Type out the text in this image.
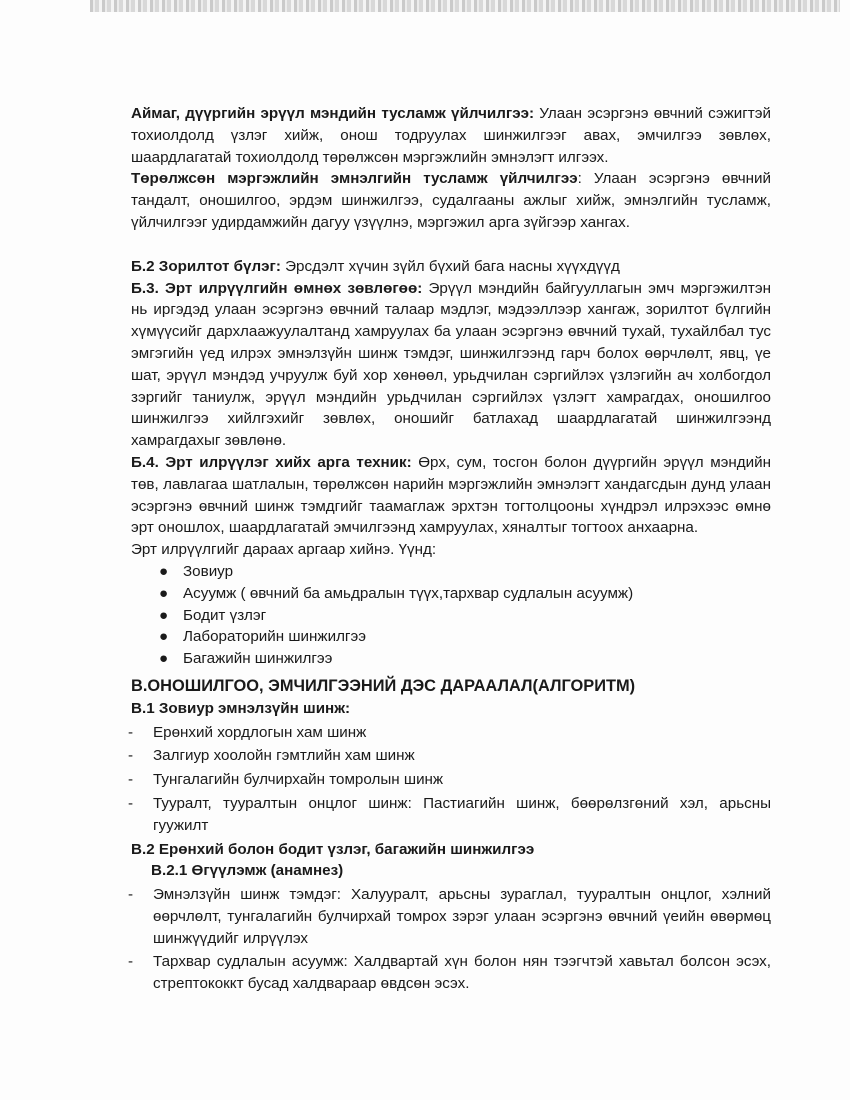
Аймаг, дүүргийн эрүүл мэндийн тусламж үйлчилгээ: Улаан эсэргэнэ өвчний сэжигтэй тохиолдолд үзлэг хийж, онош тодруулах шинжилгээг авах, эмчилгээ зөвлөх, шаардлагатай тохиолдолд төрөлжсөн мэргэжлийн эмнэлэгт илгээх.

Төрөлжсөн мэргэжлийн эмнэлгийн тусламж үйлчилгээ: Улаан эсэргэнэ өвчний тандалт, оношилгоо, эрдэм шинжилгээ, судалгааны ажлыг хийж, эмнэлгийн тусламж, үйлчилгээг удирдамжийн дагуу үзүүлнэ, мэргэжил арга зүйгээр хангах.

Б.2 Зорилтот бүлэг: Эрсдэлт хүчин зүйл бүхий бага насны хүүхдүүд

Б.3. Эрт илрүүлгийн өмнөх зөвлөгөө: Эрүүл мэндийн байгууллагын эмч мэргэжилтэн нь иргэдэд улаан эсэргэнэ өвчний талаар мэдлэг, мэдээллээр хангаж, зорилтот бүлгийн хүмүүсийг дархлаажуулалтанд хамруулах ба улаан эсэргэнэ өвчний тухай, тухайлбал тус эмгэгийн үед илрэх эмнэлзүйн шинж тэмдэг, шинжилгээнд гарч болох өөрчлөлт, явц, үе шат, эрүүл мэндэд учруулж буй хор хөнөөл, урьдчилан сэргийлэх үзлэгийн ач холбогдол зэргийг таниулж, эрүүл мэндийн урьдчилан сэргийлэх үзлэгт хамрагдах, оношилгоо шинжилгээ хийлгэхийг зөвлөх, оношийг батлахад шаардлагатай шинжилгээнд хамрагдахыг зөвлөнө.

Б.4. Эрт илрүүлэг хийх арга техник: Өрх, сум, тосгон болон дүүргийн эрүүл мэндийн төв, лавлагаа шатлалын, төрөлжсөн нарийн мэргэжлийн эмнэлэгт хандагсдын дунд улаан эсэргэнэ өвчний шинж тэмдгийг таамаглаж эрхтэн тогтолцооны хүндрэл илрэхээс өмнө эрт оношлох, шаардлагатай эмчилгээнд хамруулах, хяналтыг тогтоох анхаарна.

Эрт илрүүлгийг дараах аргаар хийнэ. Үүнд:

● Зовиур
● Асуумж ( өвчний ба амьдралын түүх,тархвар судлалын асуумж)
● Бодит үзлэг
● Лабораторийн шинжилгээ
● Багажийн шинжилгээ
В.ОНОШИЛГОО, ЭМЧИЛГЭЭНИЙ ДЭС ДАРААЛАЛ(АЛГОРИТМ)
В.1 Зовиур эмнэлзүйн шинж:
- Ерөнхий хордлогын хам шинж
- Залгиур хоолойн гэмтлийн хам шинж
- Тунгалагийн булчирхайн томролын шинж
- Тууралт, тууралтын онцлог шинж: Пастиагийн шинж, бөөрөлзгөний хэл, арьсны гуужилт
В.2 Ерөнхий болон бодит үзлэг, багажийн шинжилгээ
В.2.1 Өгүүлэмж (анамнез)
- Эмнэлзүйн шинж тэмдэг: Халууралт, арьсны зураглал, тууралтын онцлог, хэлний өөрчлөлт, тунгалагийн булчирхай томрох зэрэг улаан эсэргэнэ өвчний үеийн өвөрмөц шинжүүдийг илрүүлэх
- Тархвар судлалын асуумж: Халдвартай хүн болон нян тээгчтэй хавьтал болсон эсэх, стрептококкт бусад халдвараар өвдсөн эсэх.
